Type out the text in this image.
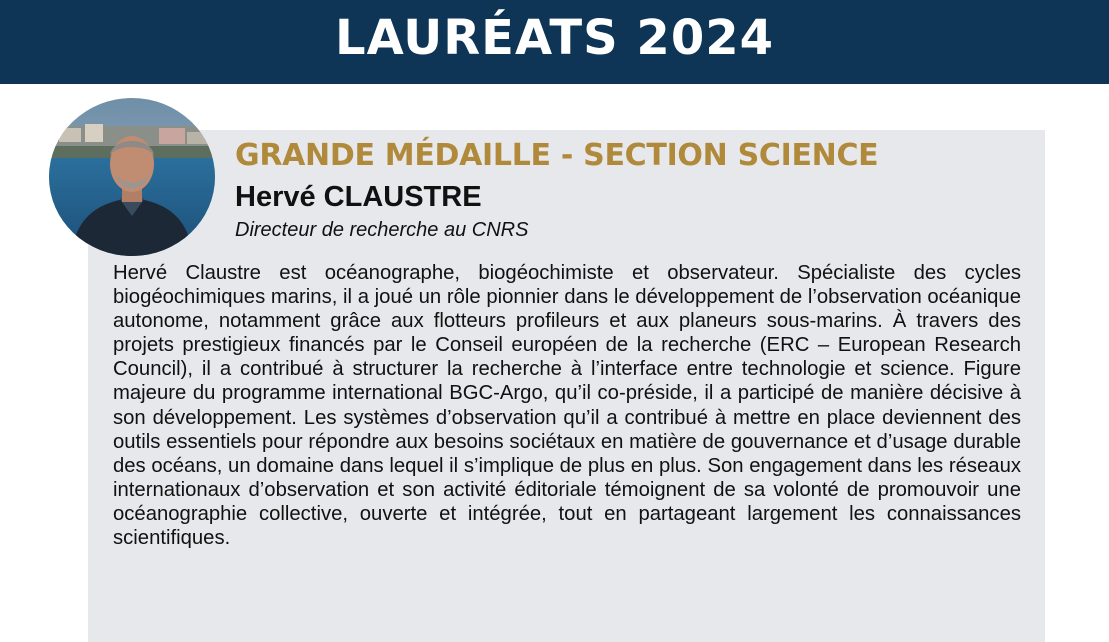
LAURÉATS 2024
GRANDE MÉDAILLE - SECTION SCIENCE
Hervé CLAUSTRE
Directeur de recherche au CNRS

Hervé Claustre est océanographe, biogéochimiste et observateur. Spécialiste des cycles biogéochimiques marins, il a joué un rôle pionnier dans le développement de l’observation océanique autonome, notamment grâce aux flotteurs profileurs et aux planeurs sous-marins. À travers des projets prestigieux financés par le Conseil européen de la recherche (ERC – European Research Council), il a contribué à structurer la recherche à l’interface entre technologie et science. Figure majeure du programme international BGC-Argo, qu’il co-préside, il a participé de manière décisive à son développement. Les systèmes d’observation qu’il a contribué à mettre en place deviennent des outils essentiels pour répondre aux besoins sociétaux en matière de gouvernance et d’usage durable des océans, un domaine dans lequel il s’implique de plus en plus. Son engagement dans les réseaux internationaux d’observation et son activité éditoriale témoignent de sa volonté de promouvoir une océanographie collective, ouverte et intégrée, tout en partageant largement les connaissances scientifiques.
